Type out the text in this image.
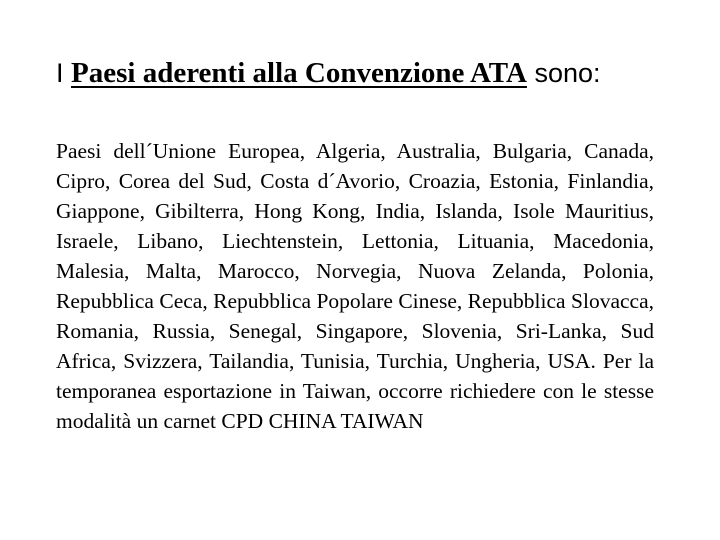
I Paesi aderenti alla Convenzione ATA sono:

Paesi dell´Unione Europea, Algeria, Australia, Bulgaria, Canada, Cipro, Corea del Sud, Costa d´Avorio, Croazia, Estonia, Finlandia, Giappone, Gibilterra, Hong Kong, India, Islanda, Isole Mauritius, Israele, Libano, Liechtenstein, Lettonia, Lituania, Macedonia, Malesia, Malta, Marocco, Norvegia, Nuova Zelanda, Polonia, Repubblica Ceca, Repubblica Popolare Cinese, Repubblica Slovacca, Romania, Russia, Senegal, Singapore, Slovenia, Sri-Lanka, Sud Africa, Svizzera, Tailandia, Tunisia, Turchia, Ungheria, USA. Per la temporanea esportazione in Taiwan, occorre richiedere con le stesse modalità un carnet CPD CHINA TAIWAN
